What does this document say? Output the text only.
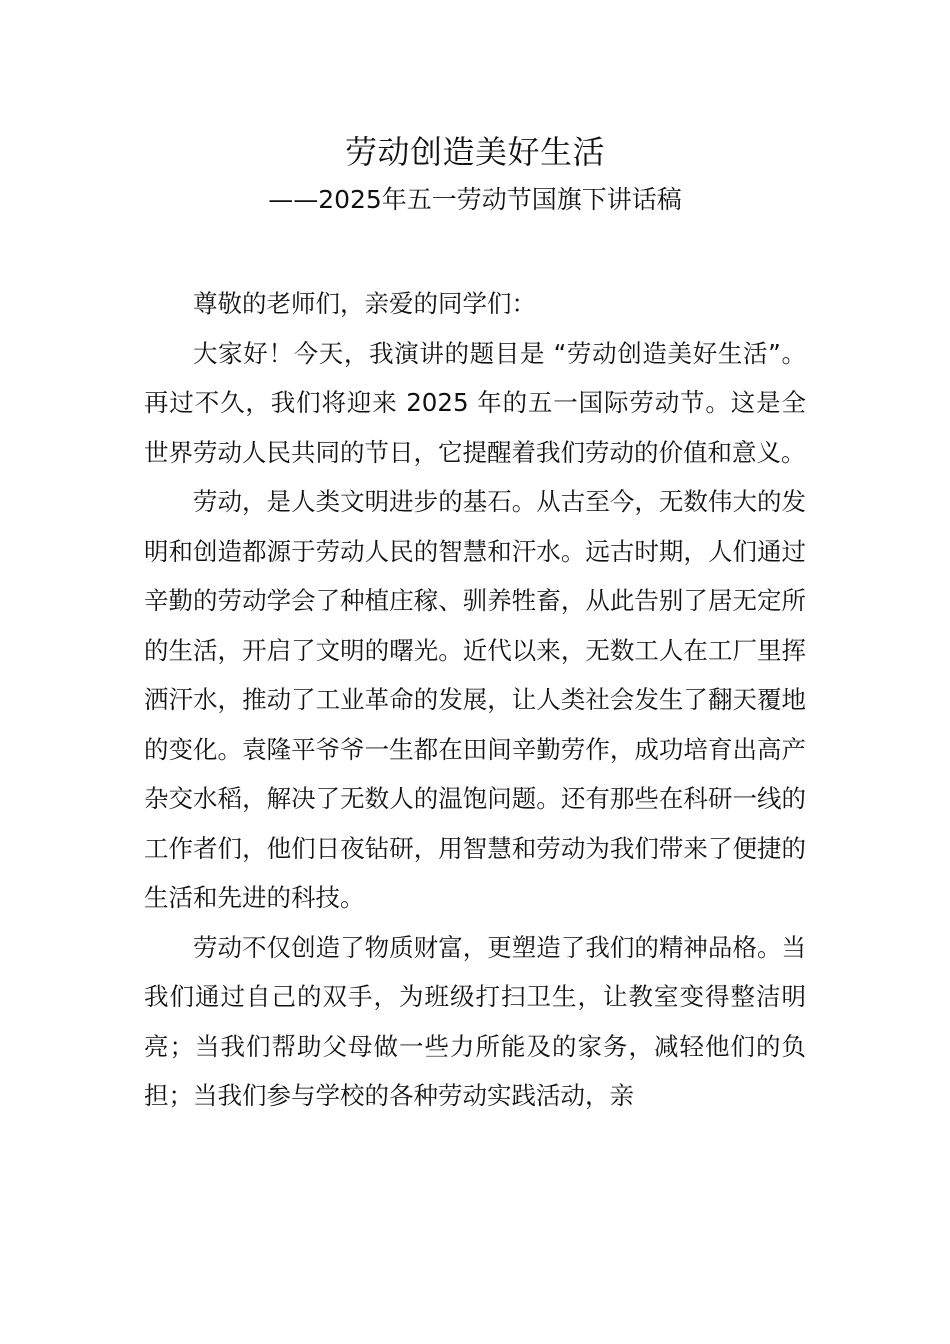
劳动创造美好生活
——2025年五一劳动节国旗下讲话稿

尊敬的老师们，亲爱的同学们：

大家好！今天，我演讲的题目是 “劳动创造美好生活”。再过不久，我们将迎来 2025 年的五一国际劳动节。这是全世界劳动人民共同的节日，它提醒着我们劳动的价值和意义。

劳动，是人类文明进步的基石。从古至今，无数伟大的发明和创造都源于劳动人民的智慧和汗水。远古时期，人们通过辛勤的劳动学会了种植庄稼、驯养牲畜，从此告别了居无定所的生活，开启了文明的曙光。近代以来，无数工人在工厂里挥洒汗水，推动了工业革命的发展，让人类社会发生了翻天覆地的变化。袁隆平爷爷一生都在田间辛勤劳作，成功培育出高产杂交水稻，解决了无数人的温饱问题。还有那些在科研一线的工作者们，他们日夜钻研，用智慧和劳动为我们带来了便捷的生活和先进的科技。

劳动不仅创造了物质财富，更塑造了我们的精神品格。当我们通过自己的双手，为班级打扫卫生，让教室变得整洁明亮；当我们帮助父母做一些力所能及的家务，减轻他们的负担；当我们参与学校的各种劳动实践活动，亲
